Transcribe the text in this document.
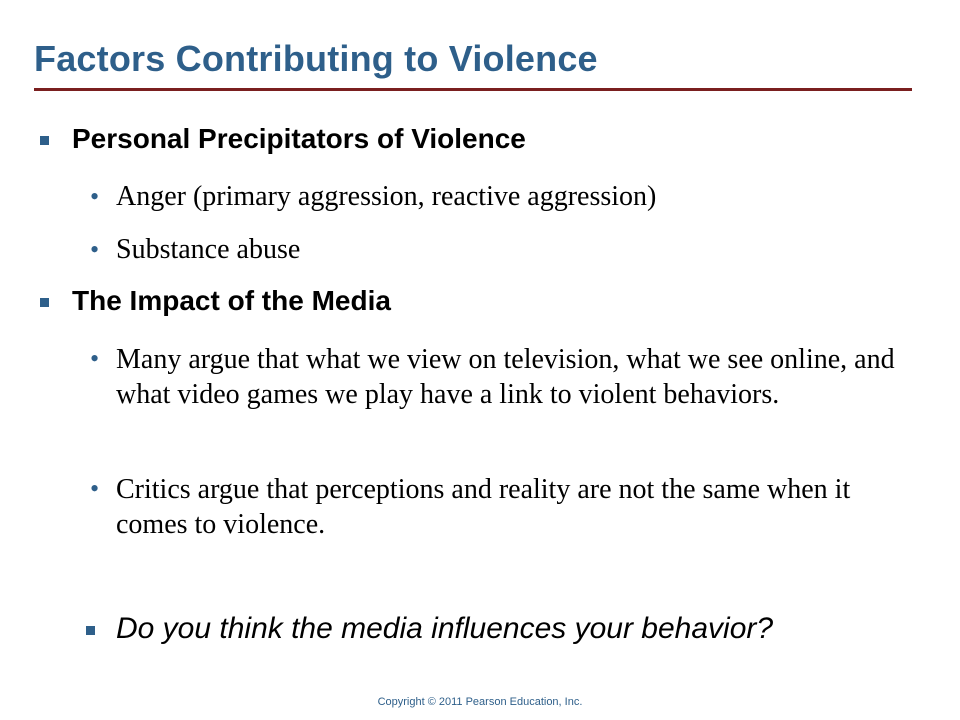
Factors Contributing to Violence
Personal Precipitators of Violence
• Anger (primary aggression, reactive aggression)
• Substance abuse
The Impact of the Media
• Many argue that what we view on television, what we see online, and what video games we play have a link to violent behaviors.
• Critics argue that perceptions and reality are not the same when it comes to violence.
Do you think the media influences your behavior?
Copyright © 2011 Pearson Education, Inc.
